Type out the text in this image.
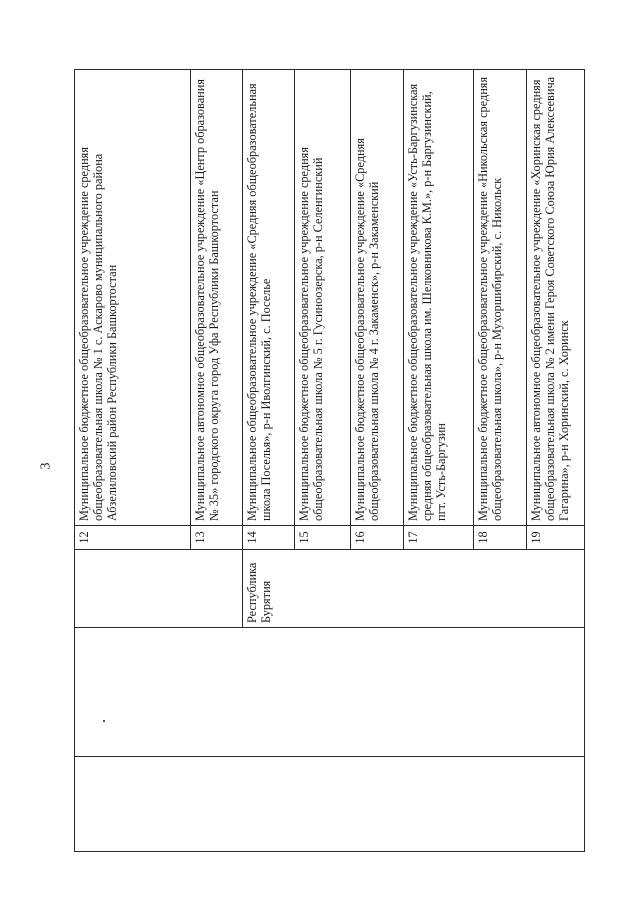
3
			12	Муниципальное бюджетное общеобразовательное учреждение средняя общеобразовательная школа № 1 с. Аскарово муниципального района Абзелиловский район Республики Башкортостан
			13	Муниципальное автономное общеобразовательное учреждение «Центр образования № 35» городского округа город Уфа Республики Башкортостан
		Республика Бурятия	14	Муниципальное общеобразовательное учреждение «Средняя общеобразовательная школа Поселья», р-н Иволгинский, с. Поселье
			15	Муниципальное бюджетное общеобразовательное учреждение средняя общеобразовательная школа № 5 г. Гусиноозерска, р-н Селенгинский
			16	Муниципальное бюджетное общеобразовательное учреждение «Средняя общеобразовательная школа № 4 г. Закаменск», р-н Закаменский
			17	Муниципальное бюджетное общеобразовательное учреждение «Усть-Баргузинская средняя общеобразовательная школа им. Шелковникова К.М.», р-н Баргузинский, пгт. Усть-Баргузин
			18	Муниципальное бюджетное общеобразовательное учреждение «Никольская средняя общеобразовательная школа», р-н Мухоршибирский, с. Никольск
			19	Муниципальное автономное общеобразовательное учреждение «Хоринская средняя общеобразовательная школа № 2 имени Героя Советского Союза Юрия Алексеевича Гагарина», р-н Хоринский, с. Хоринск
